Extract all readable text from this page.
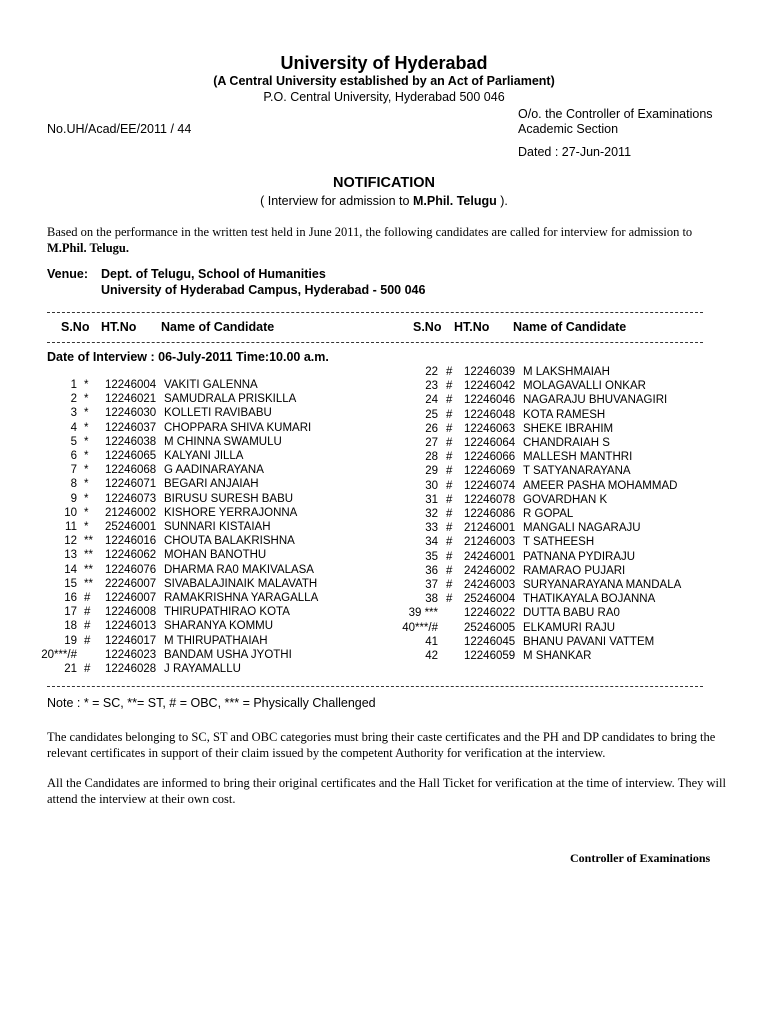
University of Hyderabad
(A Central University established by an Act of Parliament)
P.O. Central University, Hyderabad 500 046
O/o. the Controller of Examinations
Academic Section
No.UH/Acad/EE/2011 / 44
Dated : 27-Jun-2011
NOTIFICATION
( Interview for admission to M.Phil. Telugu ).
Based on the performance in the written test held in June 2011, the following candidates are called for interview for admission to M.Phil. Telugu.
Venue: Dept. of Telugu, School of Humanities
University of Hyderabad Campus, Hyderabad - 500 046
S.No HT.No Name of Candidate	S.No HT.No Name of Candidate
Date of Interview : 06-July-2011 Time:10.00 a.m.
1 *	12246004 VAKITI GALENNA
2 *	12246021 SAMUDRALA PRISKILLA
3 *	12246030 KOLLETI RAVIBABU
4 *	12246037 CHOPPARA SHIVA KUMARI
5 *	12246038 M CHINNA SWAMULU
6 *	12246065 KALYANI JILLA
7 *	12246068 G AADINARAYANA
8 *	12246071 BEGARI ANJAIAH
9 *	12246073 BIRUSU SURESH BABU
10 *	21246002 KISHORE YERRAJONNA
11 *	25246001 SUNNARI KISTAIAH
12 **	12246016 CHOUTA BALAKRISHNA
13 **	12246062 MOHAN BANOTHU
14 **	12246076 DHARMA RA0 MAKIVALASA
15 **	22246007 SIVABALAJINAIK MALAVATH
16 #	12246007 RAMAKRISHNA YARAGALLA
17 #	12246008 THIRUPATHIRAO KOTA
18 #	12246013 SHARANYA KOMMU
19 #	12246017 M THIRUPATHAIAH
20***/# 12246023 BANDAM USHA JYOTHI
21 #	12246028 J RAYAMALLU
22 #	12246039 M LAKSHMAIAH
23 #	12246042 MOLAGAVALLI ONKAR
24 #	12246046 NAGARAJU BHUVANAGIRI
25 #	12246048 KOTA RAMESH
26 #	12246063 SHEKE IBRAHIM
27 #	12246064 CHANDRAIAH S
28 #	12246066 MALLESH MANTHRI
29 #	12246069 T SATYANARAYANA
30 #	12246074 AMEER PASHA MOHAMMAD
31 #	12246078 GOVARDHAN K
32 #	12246086 R GOPAL
33 #	21246001 MANGALI NAGARAJU
34 #	21246003 T SATHEESH
35 #	24246001 PATNANA PYDIRAJU
36 #	24246002 RAMARAO PUJARI
37 #	24246003 SURYANARAYANA MANDALA
38 #	25246004 THATIKAYALA BOJANNA
39 *** 12246022 DUTTA BABU RA0
40***/# 25246005 ELKAMURI RAJU
41 12246045 BHANU PAVANI VATTEM
42 12246059 M SHANKAR
Note : * = SC, **= ST, # = OBC, *** = Physically Challenged
The candidates belonging to SC, ST and OBC categories must bring their caste certificates and the PH and DP candidates to bring the relevant certificates in support of their claim issued by the competent Authority for verification at the interview.
All the Candidates are informed to bring their original certificates and the Hall Ticket for verification at the time of interview. They will attend the interview at their own cost.
Controller of Examinations
